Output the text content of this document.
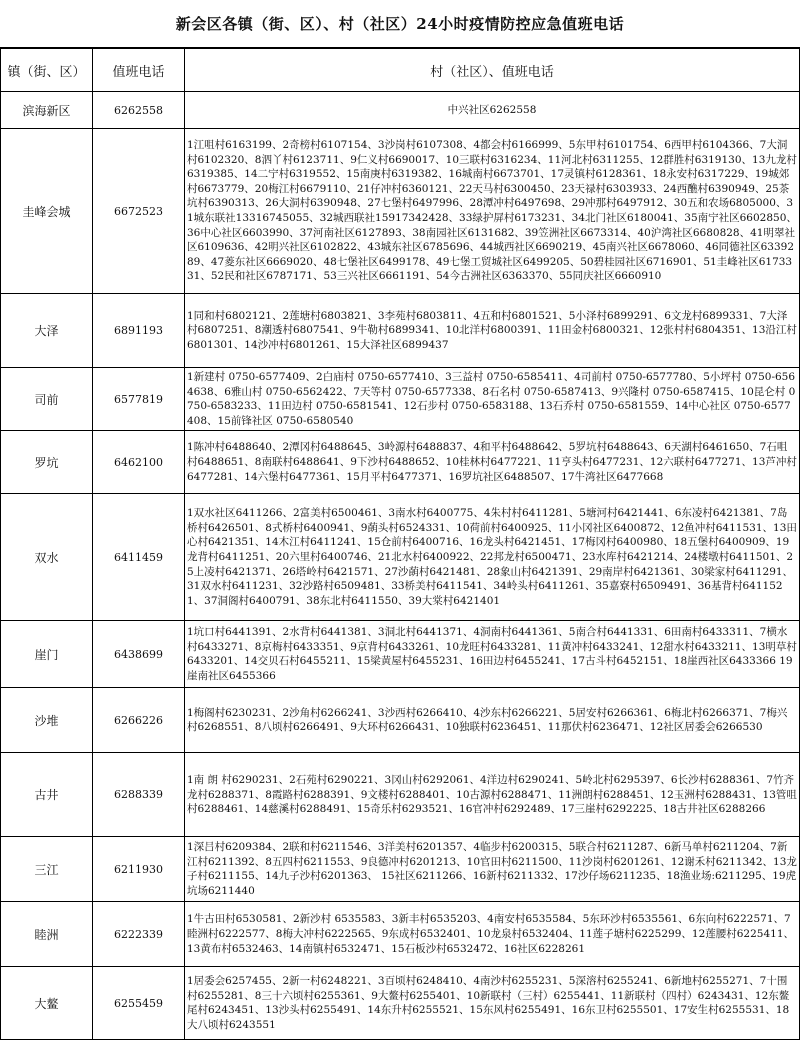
新会区各镇（街、区）、村（社区）24小时疫情防控应急值班电话
镇（街、区）	值班电话	村（社区）、值班电话
滨海新区	6262558	中兴社区6262558
圭峰会城	6672523	1江咀村6163199、2奇榜村6107154、3沙岗村6107308、4都会村6166999、5东甲村6101754、6西甲村6104366、7大洞村6102320、8泗丫村6123711、9仁义村6690017、10三联村6316234、11河北村6311255、12群胜村6319130、13九龙村6319385、14二宁村6319552、15南庚村6319382、16城南村6673701、17灵镇村6128361、18永安村6317229、19城郊村6673779、20梅江村6679110、21仔冲村6360121、22天马村6300450、23天禄村6303933、24西醮村6390949、25茶坑村6390313、26大洞村6390948、27七堡村6497996、28潭冲村6497698、29冲那村6497912、30五和农场6805000、31城东联社13316745055、32城西联社15917342428、33绿护屏村6173231、34北门社区6180041、35南宁社区6602850、 36中心社区6603990、37河南社区6127893、38南园社区6131682、39笠洲社区6673314、40沪湾社区6680828、41明翠社区6109636、42明兴社区6102822、43城东社区6785696、44城西社区6690219、45南兴社区6678060、46同德社区6339289、47菱东社区6669020、48七堡社区6499178、49七堡工贸城社区6499205、50碧桂园社区6716901、51圭峰社区6173331、52民和社区6787171、53三兴社区6661191、54今古洲社区6363370、55同庆社区6660910
大泽	6891193	1同和村6802121、2莲塘村6803821、3李苑村6803811、4五和村6801521、5小泽村6899291、6文龙村6899331、7大泽村6807251、8潮透村6807541、9牛勒村6899341、10北洋村6800391、11田金村6800321、12张村村6804351、13沿江村6801301、14沙冲村6801261、15大泽社区6899437
司前	6577819	1新建村 0750-6577409、2白庙村 0750-6577410、3三益村 0750-6585411、4司前村 0750-6577780、5小坪村 0750-6564638、6雅山村 0750-6562422、7天等村 0750-6577338、8石名村 0750-6587413、9兴隆村 0750-6587415、10昆仑村 0750-6583233、11田边村 0750-6581541、12石步村 0750-6583188、13石乔村 0750-6581559、14中心社区 0750-6577408、15前锋社区 0750-6580540
罗坑	6462100	1陈冲村6488640、2潭冈村6488645、3岭源村6488837、4和平村6488642、5罗坑村6488643、6天湖村6461650、7石咀村6488651、8南联村6488641、9下沙村6488652、10桂林村6477221、11亨头村6477231、12六联村6477271、13芦冲村6477281、14六堡村6477361、15月平村6477371、16罗坑社区6488507、17牛湾社区6477668
双水	6411459	1双水社区6411266、2富美村6500461、3南水村6400775、4朱村村6411281、5塘河村6421441、6东凌村6421381、7岛桥村6426501、8式桥村6400941、9蓢头村6524331、10荷前村6400925、11小冈社区6400872、12鱼冲村6411531、13田心村6421351、14木江村6411241、15仓前村6400716、16龙头村6421451、17梅冈村6400980、18五堡村6400909、19龙背村6411251、20六里村6400746、21北水村6400922、22邦龙村6500471、23水库村6421214、24楼墩村6411501、25上凌村6421371、26塔岭村6421571、27沙蓢村6421481、28象山村6421391、29南岸村6421361、30梁家村6411291、 31双水村6411231、32沙路村6509481、33桥美村6411541、34岭头村6411261、35嘉寮村6509491、36基背村6411521、37洞阁村6400791、38东北村6411550、39大棠村6421401
崖门	6438699	1坑口村6441391、2水背村6441381、3洞北村6441371、4洞南村6441361、5南合村6441331、6田南村6433311、7横水村6433271、8京梅村6433351、9京背村6433261、10龙旺村6433281、11黄冲村6433241、12甜水村6433211、13明草村6433201、14交贝石村6455211、15梁黄屋村6455231、16田边村6455241、17古斗村6452151、18崖西社区6433366 19崖南社区6455366
沙堆	6266226	1梅阁村6230231、2沙角村6266241、3沙西村6266410、4沙东村6266221、5居安村6266361、6梅北村6266371、7梅兴村6268551、8八顷村6266491、9大环村6266431、10独联村6236451、11那伏村6236471、12社区居委会6266530
古井	6288339	1南 朗 村6290231、2石苑村6290221、3冈山村6292061、4洋边村6290241、5岭北村6295397、6长沙村6288361、7竹齐龙村6288371、8霞路村6288391、9文楼村6288401、10古源村6288471、11洲朗村6288451、12玉洲村6288431、13管咀村6288461、14慈溪村6288491、15奇乐村6293521、16官冲村6292489、17三崖村6292225、18古井社区6288266
三江	6211930	1深吕村6209384、2联和村6211546、3洋美村6201357、4临步村6200315、5联合村6211287、6新马单村6211204、7新江村6211392、8五四村6211553、9良德冲村6201213、10官田村6211500、11沙岗村6201261、12谢禾村6211342、13龙子村6211155、14九子沙村6201363、 15社区6211266、16新村6211332、17沙仔场6211235、18渔业场:6211295、19虎坑场6211440
睦洲	6222339	1牛古田村6530581、2新沙村 6535583、3新丰村6535203、4南安村6535584、5东环沙村6535561、6东向村6222571、7睦洲村6222577、8梅大冲村6222565、9东成村6532401、10龙泉村6532404、11莲子塘村6225299、12莲腰村6225411、13黄布村6532463、14南镇村6532471、15石板沙村6532472、16社区6228261
大鳌	6255459	1居委会6257455、2新一村6248221、3百顷村6248410、4南沙村6255231、5深溶村6255241、6新地村6255271、7十围村6255281、8三十六顷村6255361、9大鳌村6255401、10新联村（三村）6255441、11新联村（四村）6243431、12东鳌尾村6243451、13沙头村6255491、14东升村6255521、15东风村6255491、16东卫村6255501、17安生村6255531、18大八顷村6243551
